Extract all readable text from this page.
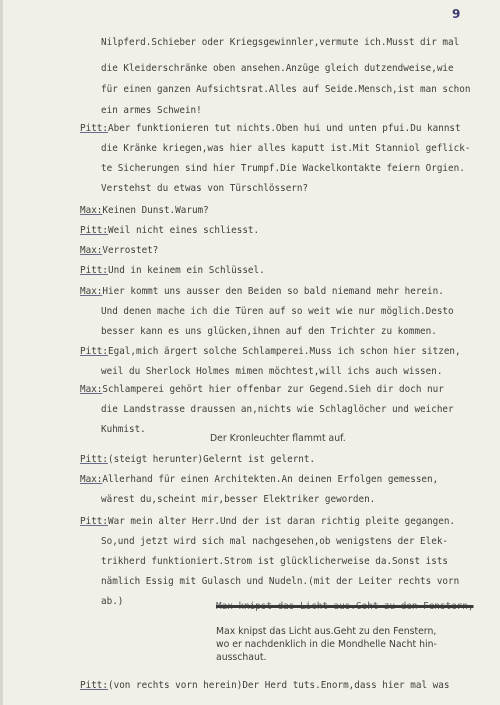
9
Nilpferd.Schieber oder Kriegsgewinnler,vermute ich.Musst dir mal
die Kleiderschränke oben ansehen.Anzüge gleich dutzendweise,wie
für einen ganzen Aufsichtsrat.Alles auf Seide.Mensch,ist man schon
ein armes Schwein!
Pitt:Aber funktionieren tut nichts.Oben hui und unten pfui.Du kannst
die Kränke kriegen,was hier alles kaputt ist.Mit Stanniol geflick-
te Sicherungen sind hier Trumpf.Die Wackelkontakte feiern Orgien.
Verstehst du etwas von Türschlössern?
Max:Keinen Dunst.Warum?
Pitt:Weil nicht eines schliesst.
Max:Verrostet?
Pitt:Und in keinem ein Schlüssel.
Max:Hier kommt uns ausser den Beiden so bald niemand mehr herein.
Und denen mache ich die Türen auf so weit wie nur möglich.Desto
besser kann es uns glücken,ihnen auf den Trichter zu kommen.
Pitt:Egal,mich ärgert solche Schlamperei.Muss ich schon hier sitzen,
weil du Sherlock Holmes mimen möchtest,will ichs auch wissen.
Max:Schlamperei gehört hier offenbar zur Gegend.Sieh dir doch nur
die Landstrasse draussen an,nichts wie Schlaglöcher und weicher
Kuhmist.
Der Kronleuchter flammt auf.
Pitt:(steigt herunter)Gelernt ist gelernt.
Max:Allerhand für einen Architekten.An deinen Erfolgen gemessen,
wärest du,scheint mir,besser Elektriker geworden.
Pitt:War mein alter Herr.Und der ist daran richtig pleite gegangen.
So,und jetzt wird sich mal nachgesehen,ob wenigstens der Elek-
trikherd funktioniert.Strom ist glücklicherweise da.Sonst ists
nämlich Essig mit Gulasch und Nudeln.(mit der Leiter rechts vorn
ab.)	Max knipst das Licht aus.Geht zu den Fenstern,
Max knipst das Licht aus.Geht zu den Fenstern,
wo er nachdenklich in die Mondhelle Nacht hin-
ausschaut.
Pitt:(von rechts vorn herein)Der Herd tuts.Enorm,dass hier mal was
